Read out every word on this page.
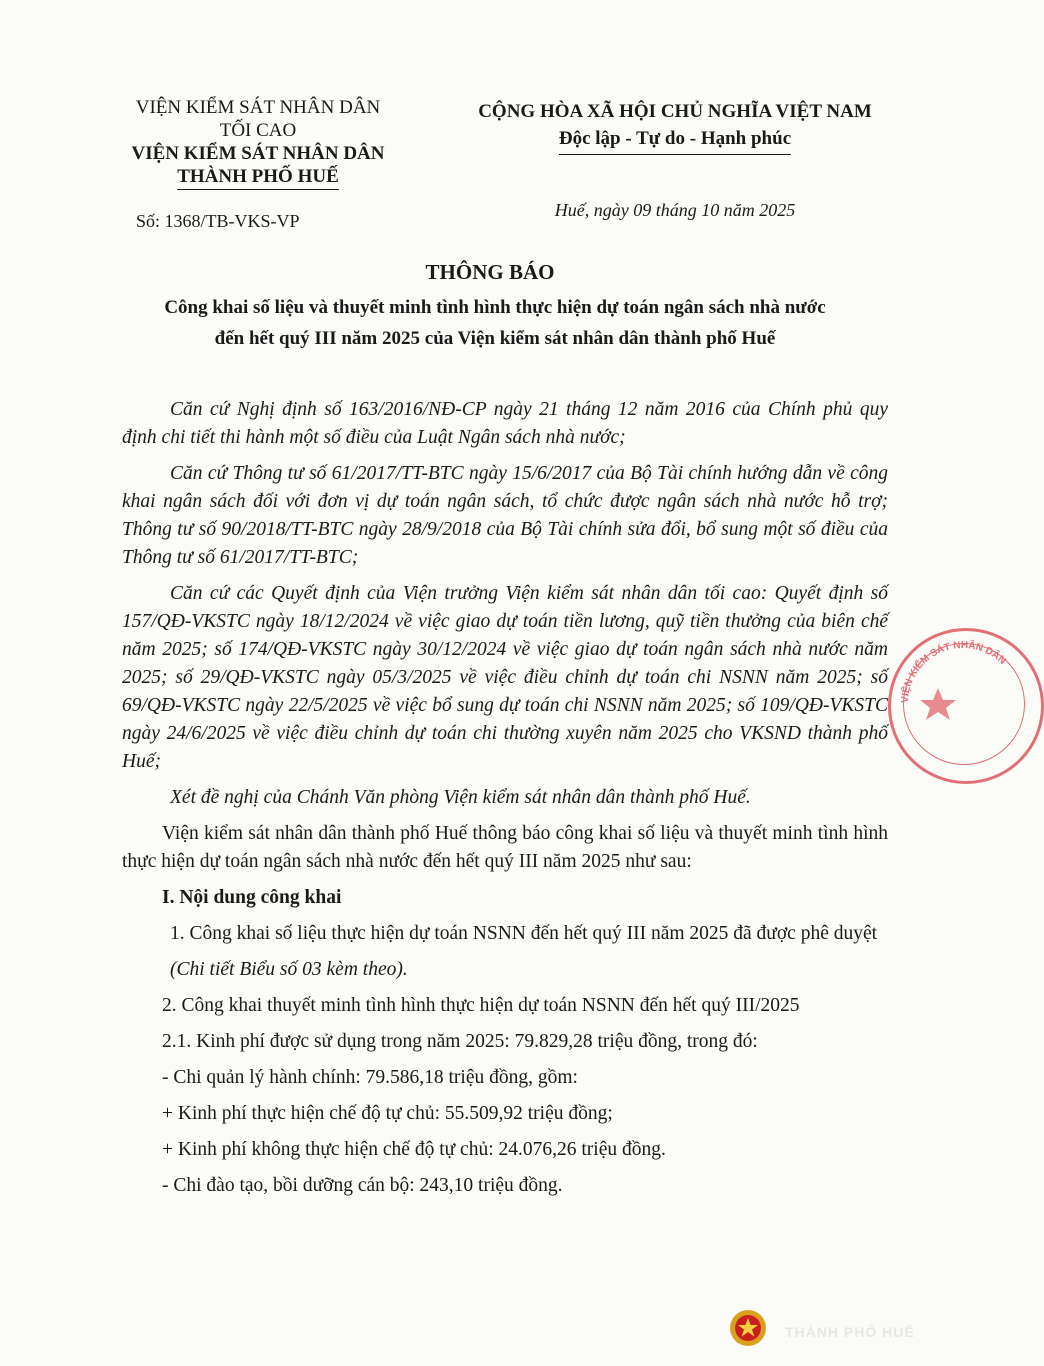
VIỆN KIỂM SÁT NHÂN DÂN
TỐI CAO
VIỆN KIỂM SÁT NHÂN DÂN
THÀNH PHỐ HUẾ
Số: 1368/TB-VKS-VP
CỘNG HÒA XÃ HỘI CHỦ NGHĨA VIỆT NAM
Độc lập - Tự do - Hạnh phúc
Huế, ngày 09 tháng 10 năm 2025
THÔNG BÁO
Công khai số liệu và thuyết minh tình hình thực hiện dự toán ngân sách nhà nước
đến hết quý III năm 2025 của Viện kiểm sát nhân dân thành phố Huế

Căn cứ Nghị định số 163/2016/NĐ-CP ngày 21 tháng 12 năm 2016 của Chính phủ quy định chi tiết thi hành một số điều của Luật Ngân sách nhà nước;

Căn cứ Thông tư số 61/2017/TT-BTC ngày 15/6/2017 của Bộ Tài chính hướng dẫn về công khai ngân sách đối với đơn vị dự toán ngân sách, tổ chức được ngân sách nhà nước hỗ trợ; Thông tư số 90/2018/TT-BTC ngày 28/9/2018 của Bộ Tài chính sửa đổi, bổ sung một số điều của Thông tư số 61/2017/TT-BTC;

Căn cứ các Quyết định của Viện trưởng Viện kiểm sát nhân dân tối cao: Quyết định số 157/QĐ-VKSTC ngày 18/12/2024 về việc giao dự toán tiền lương, quỹ tiền thưởng của biên chế năm 2025; số 174/QĐ-VKSTC ngày 30/12/2024 về việc giao dự toán ngân sách nhà nước năm 2025; số 29/QĐ-VKSTC ngày 05/3/2025 về việc điều chỉnh dự toán chi NSNN năm 2025; số 69/QĐ-VKSTC ngày 22/5/2025 về việc bổ sung dự toán chi NSNN năm 2025; số 109/QĐ-VKSTC ngày 24/6/2025 về việc điều chỉnh dự toán chi thường xuyên năm 2025 cho VKSND thành phố Huế;

Xét đề nghị của Chánh Văn phòng Viện kiểm sát nhân dân thành phố Huế.

Viện kiểm sát nhân dân thành phố Huế thông báo công khai số liệu và thuyết minh tình hình thực hiện dự toán ngân sách nhà nước đến hết quý III năm 2025 như sau:

I. Nội dung công khai

1. Công khai số liệu thực hiện dự toán NSNN đến hết quý III năm 2025 đã được phê duyệt

(Chi tiết Biểu số 03 kèm theo).

2. Công khai thuyết minh tình hình thực hiện dự toán NSNN đến hết quý III/2025

2.1. Kinh phí được sử dụng trong năm 2025: 79.829,28 triệu đồng, trong đó:

- Chi quản lý hành chính: 79.586,18 triệu đồng, gồm:

+ Kinh phí thực hiện chế độ tự chủ: 55.509,92 triệu đồng;

+ Kinh phí không thực hiện chế độ tự chủ: 24.076,26 triệu đồng.

- Chi đào tạo, bồi dưỡng cán bộ: 243,10 triệu đồng.

VIỆN KIỂM SÁT NHÂN DÂN
THÀNH PHỐ HUẾ
